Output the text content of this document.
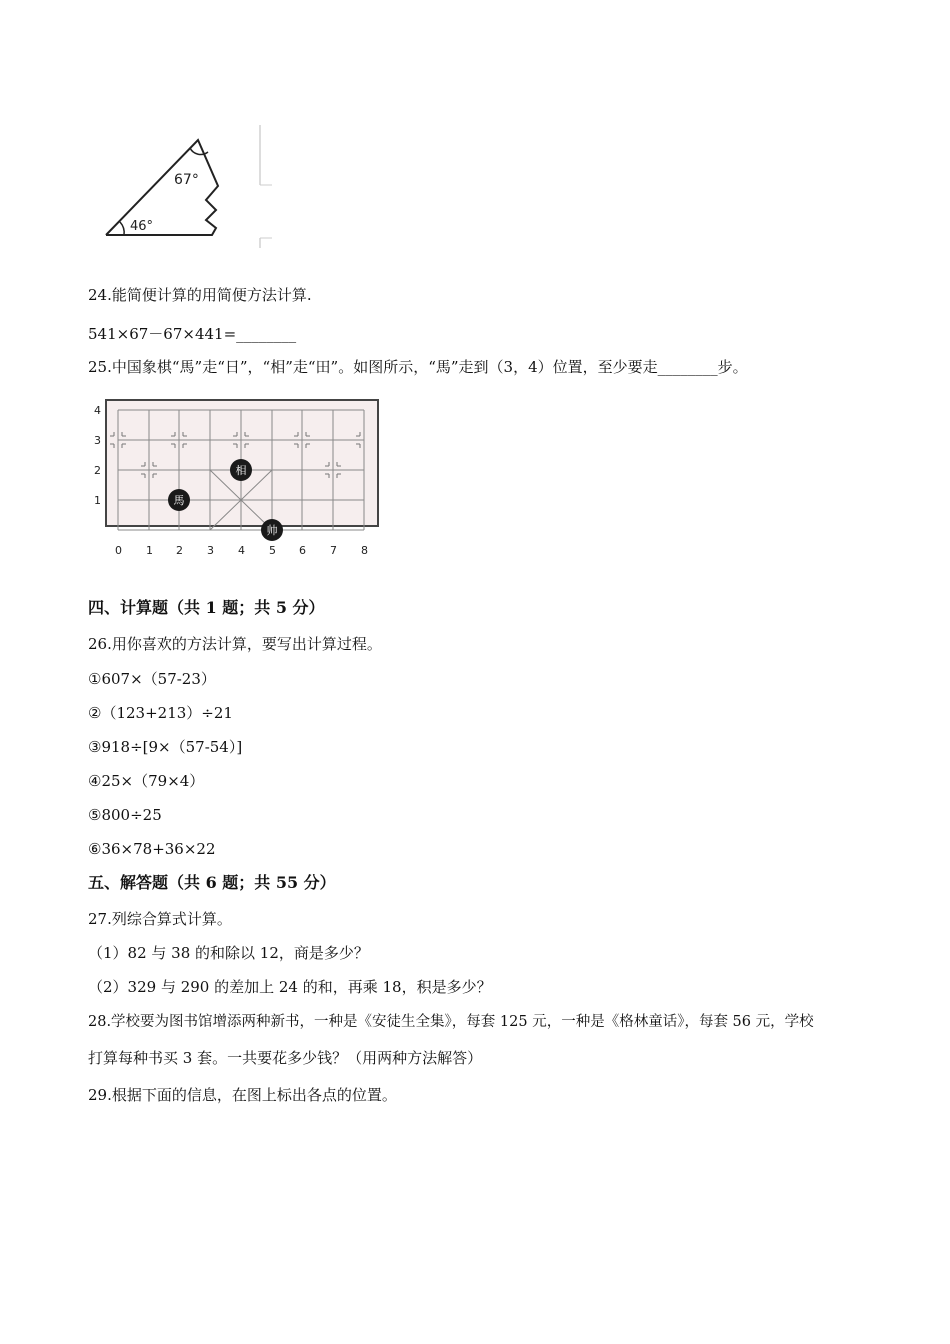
67°
46°
24.能简便计算的用简便方法计算.
541×67－67×441=________
25.中国象棋“馬”走“日”，“相”走“田”。如图所示，“馬”走到（3，4）位置，至少要走________步。
0 1 2 3 4 5 6 7 8
4
3
2
1	馬
相
帅
四、计算题（共 1 题；共 5 分）
26.用你喜欢的方法计算，要写出计算过程。
①607×（57-23）
②（123+213）÷21
③918÷[9×（57-54）]
④25×（79×4）
⑤800÷25
⑥36×78+36×22
五、解答题（共 6 题；共 55 分）
27.列综合算式计算。
（1）82 与 38 的和除以 12，商是多少？
（2）329 与 290 的差加上 24 的和，再乘 18，积是多少？
28.学校要为图书馆增添两种新书，一种是《安徒生全集》，每套 125 元，一种是《格林童话》，每套 56 元，学校
打算每种书买 3 套。一共要花多少钱？（用两种方法解答）
29.根据下面的信息，在图上标出各点的位置。
